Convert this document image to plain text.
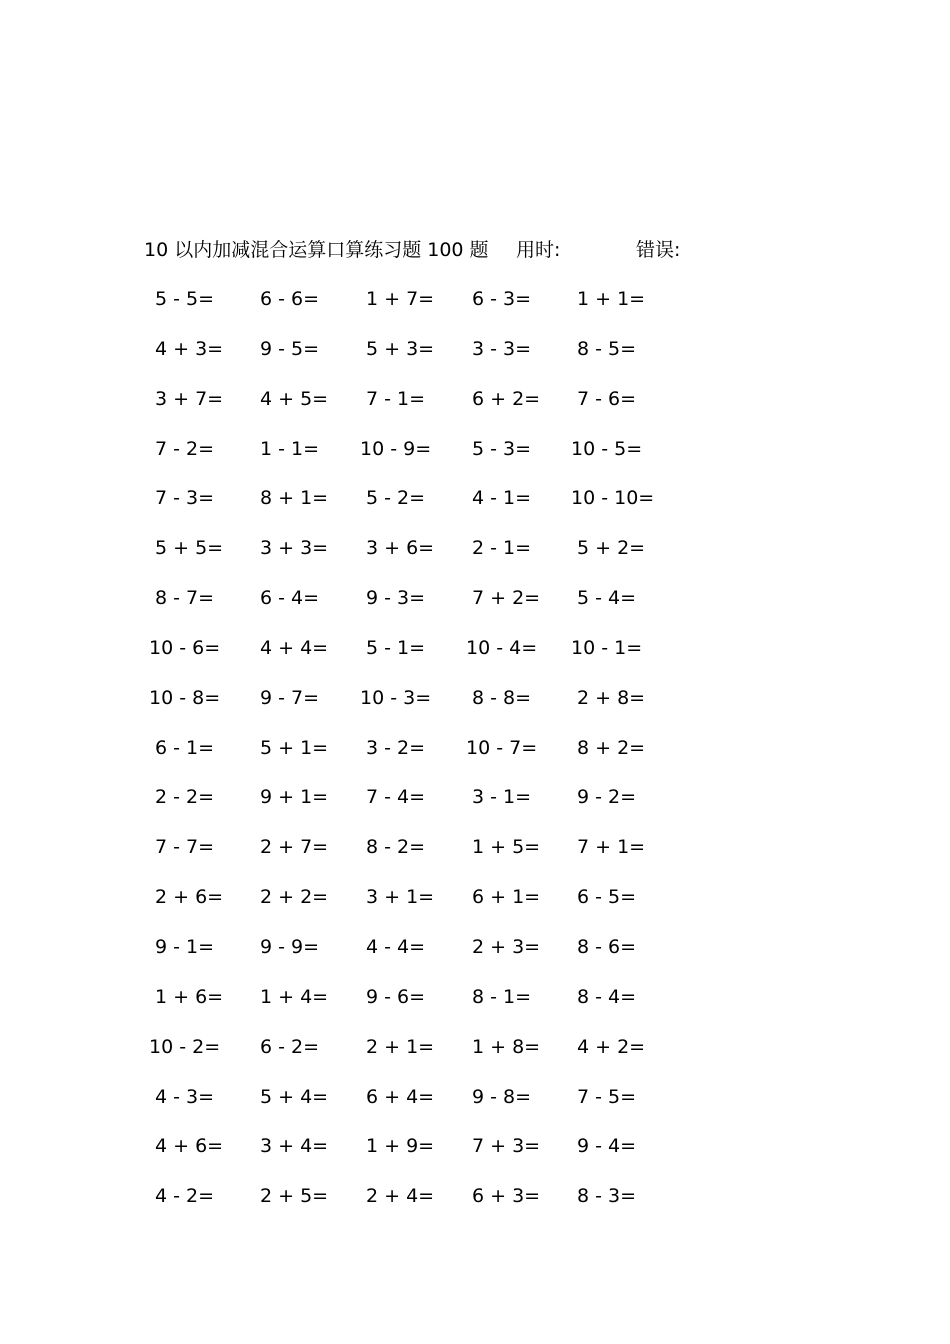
10 以内加减混合运算口算练习题 100 题 用时:	错误:
5 - 5= 6 - 6= 1 + 7= 6 - 3= 1 + 1=
4 + 3= 9 - 5= 5 + 3= 3 - 3= 8 - 5=
3 + 7= 4 + 5= 7 - 1= 6 + 2= 7 - 6=
7 - 2= 1 - 1= 10 - 9= 5 - 3= 10 - 5=
7 - 3= 8 + 1= 5 - 2= 4 - 1= 10 - 10=
5 + 5= 3 + 3= 3 + 6= 2 - 1= 5 + 2=
8 - 7= 6 - 4= 9 - 3= 7 + 2= 5 - 4=
10 - 6= 4 + 4= 5 - 1= 10 - 4= 10 - 1=
10 - 8= 9 - 7= 10 - 3= 8 - 8= 2 + 8=
6 - 1= 5 + 1= 3 - 2= 10 - 7= 8 + 2=
2 - 2= 9 + 1= 7 - 4= 3 - 1= 9 - 2=
7 - 7= 2 + 7= 8 - 2= 1 + 5= 7 + 1=
2 + 6= 2 + 2= 3 + 1= 6 + 1= 6 - 5=
9 - 1= 9 - 9= 4 - 4= 2 + 3= 8 - 6=
1 + 6= 1 + 4= 9 - 6= 8 - 1= 8 - 4=
10 - 2= 6 - 2= 2 + 1= 1 + 8= 4 + 2=
4 - 3= 5 + 4= 6 + 4= 9 - 8= 7 - 5=
4 + 6= 3 + 4= 1 + 9= 7 + 3= 9 - 4=
4 - 2= 2 + 5= 2 + 4= 6 + 3= 8 - 3=
